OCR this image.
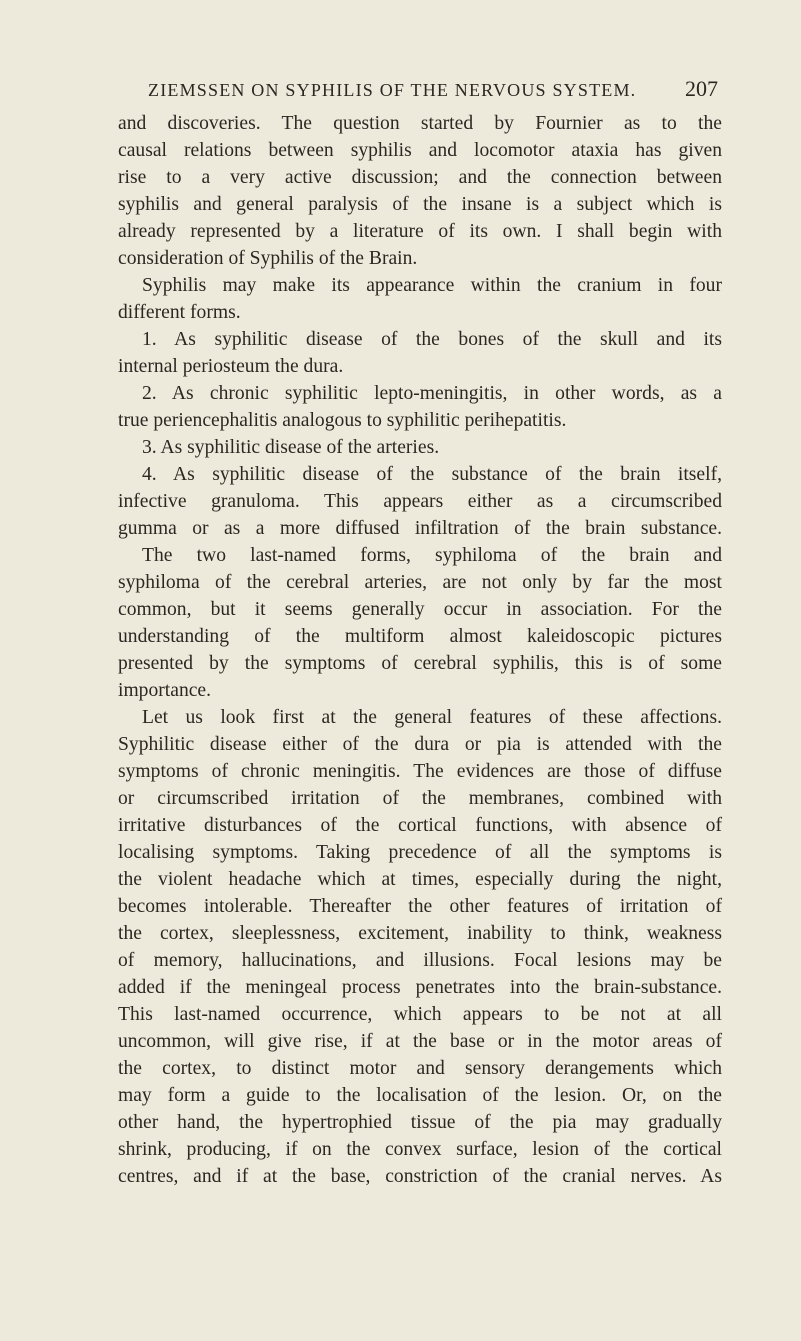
ZIEMSSEN ON SYPHILIS OF THE NERVOUS SYSTEM. 207
and discoveries. The question started by Fournier as to the
causal relations between syphilis and locomotor ataxia has given
rise to a very active discussion; and the connection between
syphilis and general paralysis of the insane is a subject which is
already represented by a literature of its own. I shall begin with
consideration of Syphilis of the Brain.
Syphilis may make its appearance within the cranium in four
different forms.
1. As syphilitic disease of the bones of the skull and its
internal periosteum the dura.
2. As chronic syphilitic lepto-meningitis, in other words, as a
true periencephalitis analogous to syphilitic perihepatitis.
3. As syphilitic disease of the arteries.
4. As syphilitic disease of the substance of the brain itself,
infective granuloma. This appears either as a circumscribed
gumma or as a more diffused infiltration of the brain substance.
The two last-named forms, syphiloma of the brain and
syphiloma of the cerebral arteries, are not only by far the most
common, but it seems generally occur in association. For the
understanding of the multiform almost kaleidoscopic pictures
presented by the symptoms of cerebral syphilis, this is of some
importance.
Let us look first at the general features of these affections.
Syphilitic disease either of the dura or pia is attended with the
symptoms of chronic meningitis. The evidences are those of diffuse
or circumscribed irritation of the membranes, combined with
irritative disturbances of the cortical functions, with absence of
localising symptoms. Taking precedence of all the symptoms is
the violent headache which at times, especially during the night,
becomes intolerable. Thereafter the other features of irritation of
the cortex, sleeplessness, excitement, inability to think, weakness
of memory, hallucinations, and illusions. Focal lesions may be
added if the meningeal process penetrates into the brain-substance.
This last-named occurrence, which appears to be not at all
uncommon, will give rise, if at the base or in the motor areas of
the cortex, to distinct motor and sensory derangements which
may form a guide to the localisation of the lesion. Or, on the
other hand, the hypertrophied tissue of the pia may gradually
shrink, producing, if on the convex surface, lesion of the cortical
centres, and if at the base, constriction of the cranial nerves. As
